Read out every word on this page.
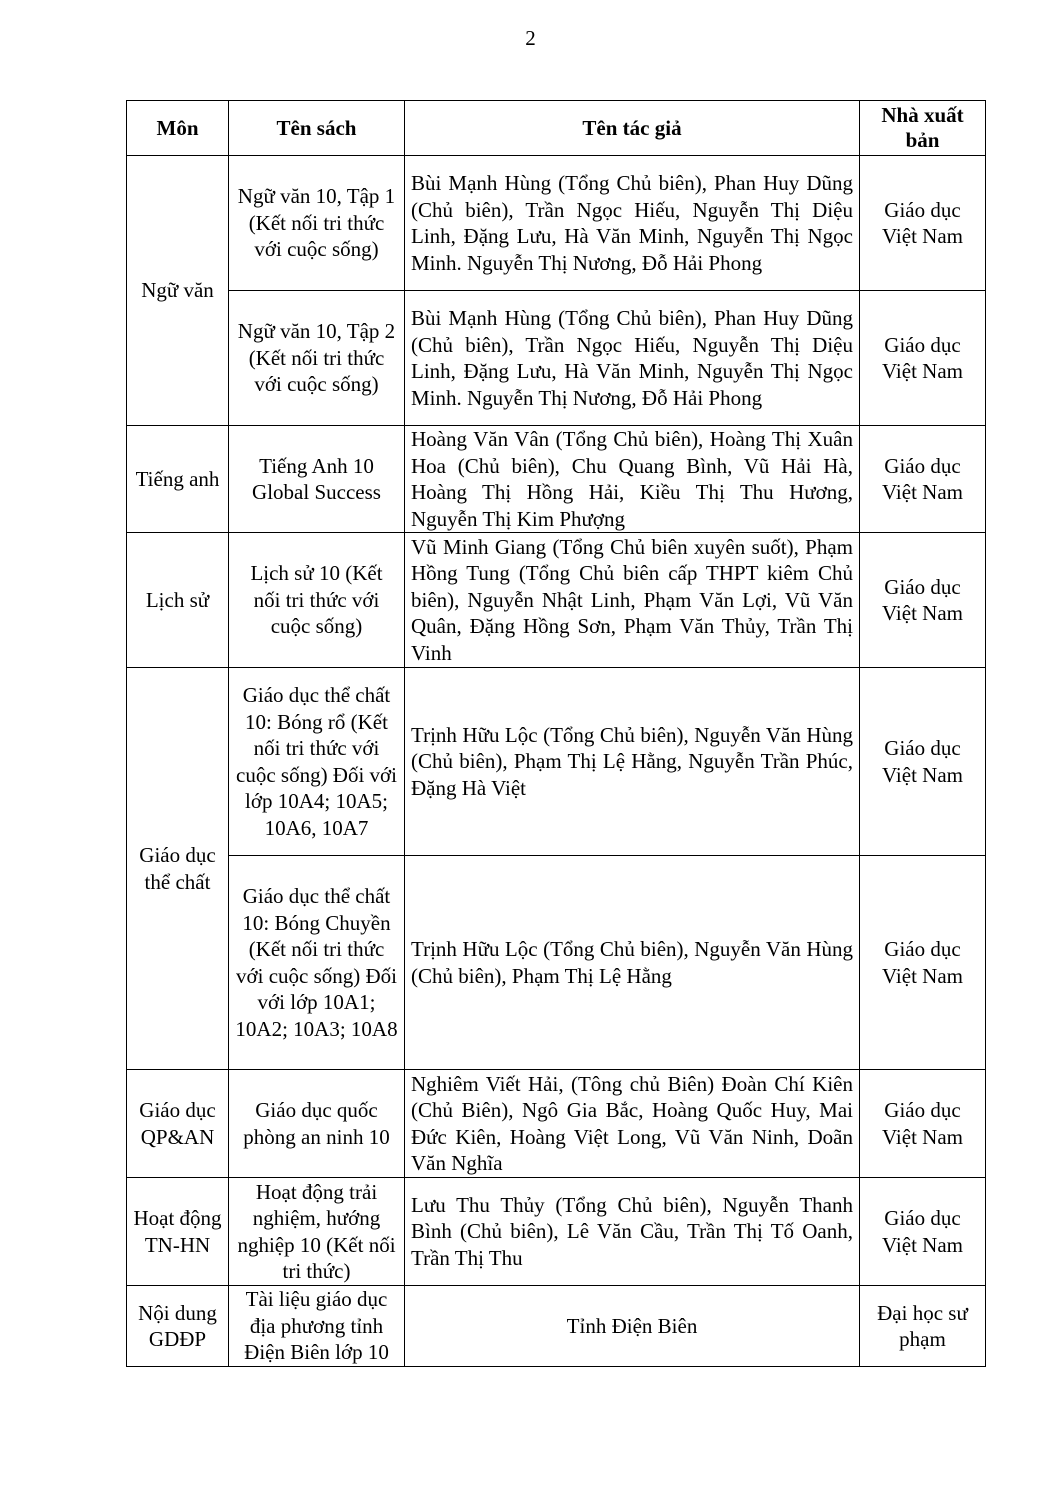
2
Môn	Tên sách	Tên tác giả	Nhà xuất bản
Ngữ văn	Ngữ văn 10, Tập 1 (Kết nối tri thức với cuộc sống)	Bùi Mạnh Hùng (Tổng Chủ biên), Phan Huy Dũng (Chủ biên), Trần Ngọc Hiếu, Nguyễn Thị Diệu Linh, Đặng Lưu, Hà Văn Minh, Nguyễn Thị Ngọc Minh. Nguyễn Thị Nương, Đỗ Hải Phong	Giáo dục Việt Nam
	Ngữ văn 10, Tập 2 (Kết nối tri thức với cuộc sống)	Bùi Mạnh Hùng (Tổng Chủ biên), Phan Huy Dũng (Chủ biên), Trần Ngọc Hiếu, Nguyễn Thị Diệu Linh, Đặng Lưu, Hà Văn Minh, Nguyễn Thị Ngọc Minh. Nguyễn Thị Nương, Đỗ Hải Phong	Giáo dục Việt Nam
Tiếng anh	Tiếng Anh 10 Global Success	Hoàng Văn Vân (Tổng Chủ biên), Hoàng Thị Xuân Hoa (Chủ biên), Chu Quang Bình, Vũ Hải Hà, Hoàng Thị Hồng Hải, Kiều Thị Thu Hương, Nguyễn Thị Kim Phượng	Giáo dục Việt Nam
Lịch sử	Lịch sử 10 (Kết nối tri thức với cuộc sống)	Vũ Minh Giang (Tổng Chủ biên xuyên suốt), Phạm Hồng Tung (Tổng Chủ biên cấp THPT kiêm Chủ biên), Nguyễn Nhật Linh, Phạm Văn Lợi, Vũ Văn Quân, Đặng Hồng Sơn, Phạm Văn Thủy, Trần Thị Vinh	Giáo dục Việt Nam
Giáo dục thể chất	Giáo dục thể chất 10: Bóng rổ (Kết nối tri thức với cuộc sống) Đối với lớp 10A4; 10A5; 10A6, 10A7	Trịnh Hữu Lộc (Tổng Chủ biên), Nguyễn Văn Hùng (Chủ biên), Phạm Thị Lệ Hằng, Nguyễn Trần Phúc, Đặng Hà Việt	Giáo dục Việt Nam
	Giáo dục thể chất 10: Bóng Chuyền (Kết nối tri thức với cuộc sống) Đối với lớp 10A1; 10A2; 10A3; 10A8	Trịnh Hữu Lộc (Tổng Chủ biên), Nguyễn Văn Hùng (Chủ biên), Phạm Thị Lệ Hằng	Giáo dục Việt Nam
Giáo dục QP&AN	Giáo dục quốc phòng an ninh 10	Nghiêm Viết Hải, (Tông chủ Biên) Đoàn Chí Kiên (Chủ Biên), Ngô Gia Bắc, Hoàng Quốc Huy, Mai Đức Kiên, Hoàng Việt Long, Vũ Văn Ninh, Doãn Văn Nghĩa	Giáo dục Việt Nam
Hoạt động TN-HN	Hoạt động trải nghiệm, hướng nghiệp 10 (Kết nối tri thức)	Lưu Thu Thủy (Tổng Chủ biên), Nguyễn Thanh Bình (Chủ biên), Lê Văn Cầu, Trần Thị Tố Oanh, Trần Thị Thu	Giáo dục Việt Nam
Nội dung GDĐP	Tài liệu giáo dục địa phương tỉnh Điện Biên lớp 10	Tỉnh Điện Biên	Đại học sư phạm
